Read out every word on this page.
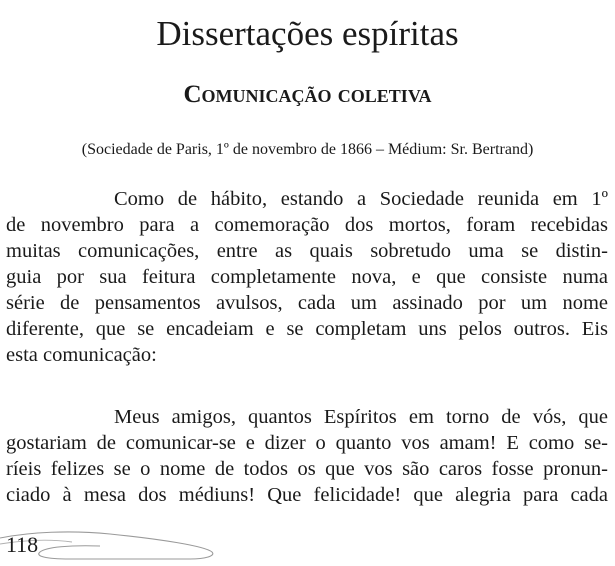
Dissertações espíritas
Comunicação coletiva

(Sociedade de Paris, 1º de novembro de 1866 – Médium: Sr. Bertrand)

Como de hábito, estando a Sociedade reunida em 1º
de novembro para a comemoração dos mortos, foram recebidas
muitas comunicações, entre as quais sobretudo uma se distin-
guia por sua feitura completamente nova, e que consiste numa
série de pensamentos avulsos, cada um assinado por um nome
diferente, que se encadeiam e se completam uns pelos outros. Eis
esta comunicação:
Meus amigos, quantos Espíritos em torno de vós, que
gostariam de comunicar-se e dizer o quanto vos amam! E como se-
ríeis felizes se o nome de todos os que vos são caros fosse pronun-
ciado à mesa dos médiuns! Que felicidade! que alegria para cada

118
